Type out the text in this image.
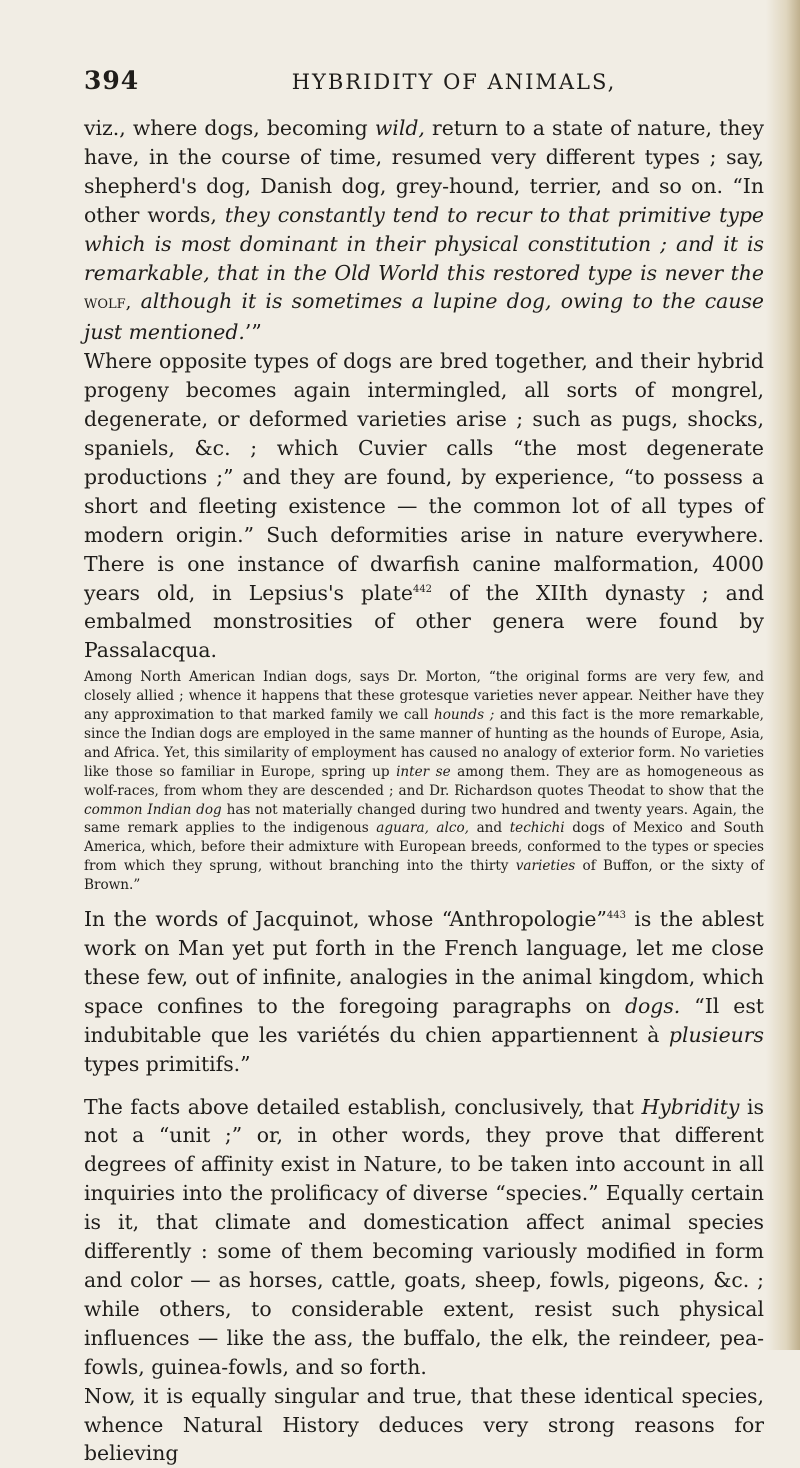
394	HYBRIDITY OF ANIMALS,

viz., where dogs, becoming wild, return to a state of nature, they have, in the course of time, resumed very different types ; say, shepherd's dog, Danish dog, grey-hound, terrier, and so on. “In other words, they constantly tend to recur to that primitive type which is most dominant in their physical constitution ; and it is remarkable, that in the Old World this restored type is never the wolf, although it is sometimes a lupine dog, owing to the cause just mentioned.’”

Where opposite types of dogs are bred together, and their hybrid progeny becomes again intermingled, all sorts of mongrel, degenerate, or deformed varieties arise ; such as pugs, shocks, spaniels, &c. ; which Cuvier calls “the most degenerate productions ;” and they are found, by experience, “to possess a short and fleeting existence — the common lot of all types of modern origin.” Such deformities arise in nature everywhere. There is one instance of dwarfish canine malformation, 4000 years old, in Lepsius's plate$^{442}$ of the XIIth dynasty ; and embalmed monstrosities of other genera were found by Passalacqua.

Among North American Indian dogs, says Dr. Morton, “the original forms are very few, and closely allied ; whence it happens that these grotesque varieties never appear. Neither have they any approximation to that marked family we call hounds ; and this fact is the more remarkable, since the Indian dogs are employed in the same manner of hunting as the hounds of Europe, Asia, and Africa. Yet, this similarity of employment has caused no analogy of exterior form. No varieties like those so familiar in Europe, spring up inter se among them. They are as homogeneous as wolf-races, from whom they are descended ; and Dr. Richardson quotes Theodat to show that the common Indian dog has not materially changed during two hundred and twenty years. Again, the same remark applies to the indigenous aguara, alco, and techichi dogs of Mexico and South America, which, before their admixture with European breeds, conformed to the types or species from which they sprung, without branching into the thirty varieties of Buffon, or the sixty of Brown.”

In the words of Jacquinot, whose “Anthropologie”$^{443}$ is the ablest work on Man yet put forth in the French language, let me close these few, out of infinite, analogies in the animal kingdom, which space confines to the foregoing paragraphs on dogs. “Il est indubitable que les variétés du chien appartiennent à plusieurs types primitifs.”

The facts above detailed establish, conclusively, that Hybridity is not a “unit ;” or, in other words, they prove that different degrees of affinity exist in Nature, to be taken into account in all inquiries into the prolificacy of diverse “species.” Equally certain is it, that climate and domestication affect animal species differently : some of them becoming variously modified in form and color — as horses, cattle, goats, sheep, fowls, pigeons, &c. ; while others, to considerable extent, resist such physical influences — like the ass, the buffalo, the elk, the reindeer, pea-fowls, guinea-fowls, and so forth.

Now, it is equally singular and true, that these identical species, whence Natural History deduces very strong reasons for believing
